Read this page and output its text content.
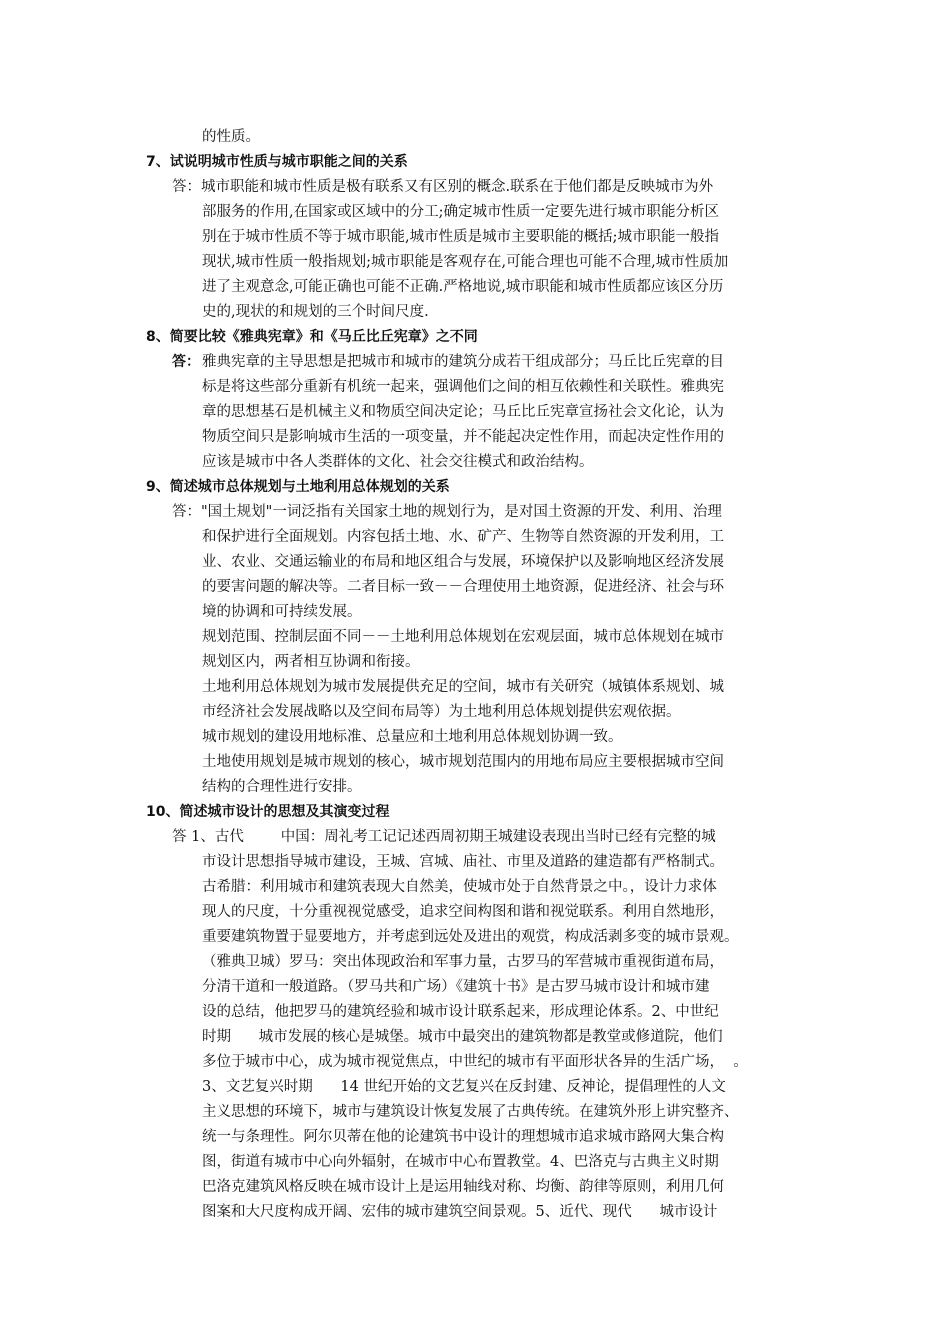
的性质。
7、试说明城市性质与城市职能之间的关系
答：城市职能和城市性质是极有联系又有区别的概念.联系在于他们都是反映城市为外
部服务的作用,在国家或区域中的分工;确定城市性质一定要先进行城市职能分析区
别在于城市性质不等于城市职能,城市性质是城市主要职能的概括;城市职能一般指
现状,城市性质一般指规划;城市职能是客观存在,可能合理也可能不合理,城市性质加
进了主观意念,可能正确也可能不正确.严格地说,城市职能和城市性质都应该区分历
史的,现状的和规划的三个时间尺度.
8、简要比较《雅典宪章》和《马丘比丘宪章》之不同
答： 雅典宪章的主导思想是把城市和城市的建筑分成若干组成部分；马丘比丘宪章的目
标是将这些部分重新有机统一起来，强调他们之间的相互依赖性和关联性。雅典宪
章的思想基石是机械主义和物质空间决定论；马丘比丘宪章宣扬社会文化论，认为
物质空间只是影响城市生活的一项变量，并不能起决定性作用，而起决定性作用的
应该是城市中各人类群体的文化、社会交往模式和政治结构。
9、简述城市总体规划与土地利用总体规划的关系
答："国土规划"一词泛指有关国家土地的规划行为，是对国土资源的开发、利用、治理
和保护进行全面规划。内容包括土地、水、矿产、生物等自然资源的开发利用，工
业、农业、交通运输业的布局和地区组合与发展，环境保护以及影响地区经济发展
的要害问题的解决等。二者目标一致－－合理使用土地资源，促进经济、社会与环
境的协调和可持续发展。
规划范围、控制层面不同－－土地利用总体规划在宏观层面，城市总体规划在城市
规划区内，两者相互协调和衔接。
土地利用总体规划为城市发展提供充足的空间，城市有关研究（城镇体系规划、城
市经济社会发展战略以及空间布局等）为土地利用总体规划提供宏观依据。
城市规划的建设用地标准、总量应和土地利用总体规划协调一致。
土地使用规划是城市规划的核心，城市规划范围内的用地布局应主要根据城市空间
结构的合理性进行安排。
10、简述城市设计的思想及其演变过程
答 1、古代        中国：周礼考工记记述西周初期王城建设表现出当时已经有完整的城
市设计思想指导城市建设，王城、宫城、庙社、市里及道路的建造都有严格制式。
古希腊：利用城市和建筑表现大自然美，使城市处于自然背景之中。，设计力求体
现人的尺度，十分重视视觉感受，追求空间构图和谐和视觉联系。利用自然地形，
重要建筑物置于显要地方，并考虑到远处及进出的观赏，构成活剥多变的城市景观。
（雅典卫城）罗马：突出体现政治和军事力量，古罗马的军营城市重视街道布局，
分清干道和一般道路。（罗马共和广场）《建筑十书》是古罗马城市设计和城市建
设的总结，他把罗马的建筑经验和城市设计联系起来，形成理论体系。2、中世纪
时期      城市发展的核心是城堡。城市中最突出的建筑物都是教堂或修道院，他们
多位于城市中心，成为城市视觉焦点，中世纪的城市有平面形状各异的生活广场，  。
3、文艺复兴时期      14 世纪开始的文艺复兴在反封建、反神论，提倡理性的人文
主义思想的环境下，城市与建筑设计恢复发展了古典传统。在建筑外形上讲究整齐、
统一与条理性。阿尔贝蒂在他的论建筑书中设计的理想城市追求城市路网大集合构
图，街道有城市中心向外辐射，在城市中心布置教堂。4、巴洛克与古典主义时期
巴洛克建筑风格反映在城市设计上是运用轴线对称、均衡、韵律等原则，利用几何
图案和大尺度构成开阔、宏伟的城市建筑空间景观。5、近代、现代      城市设计
